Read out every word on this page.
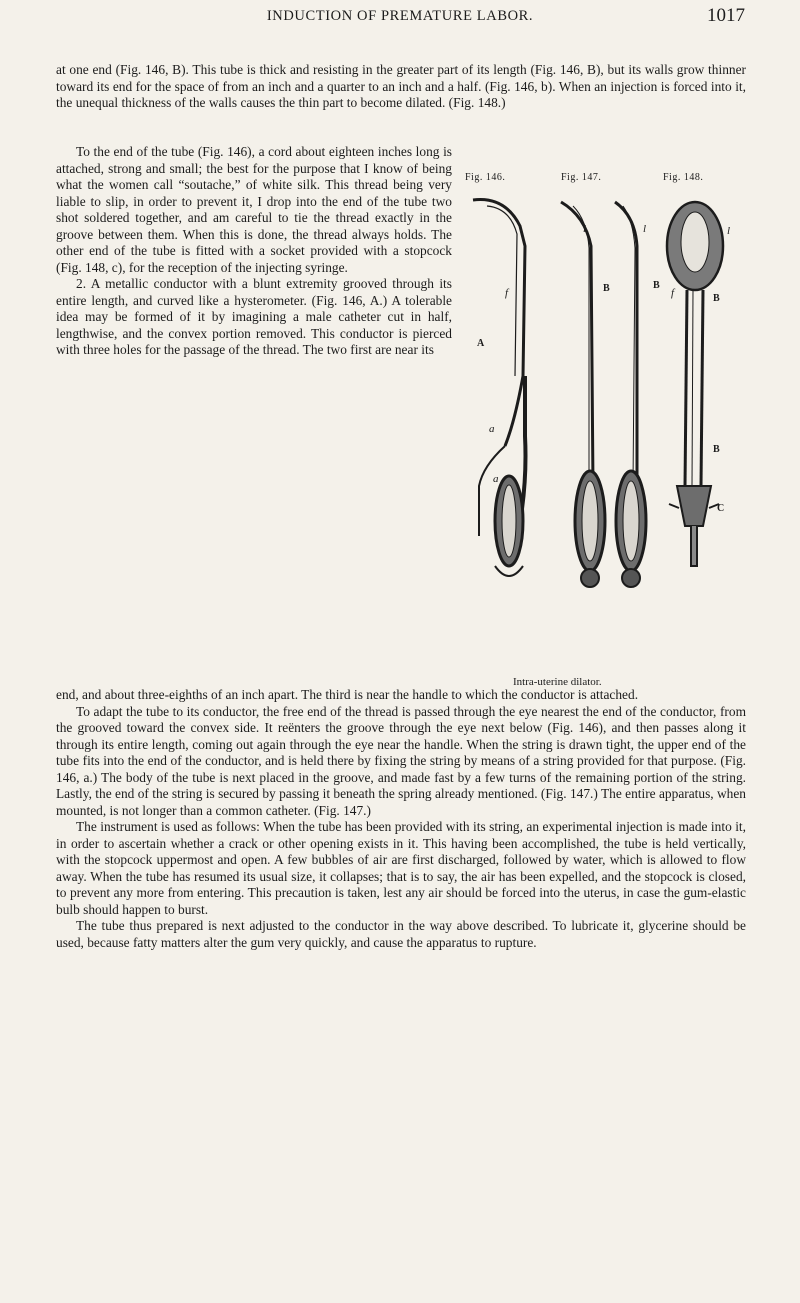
INDUCTION OF PREMATURE LABOR.	1017

at one end (Fig. 146, B). This tube is thick and resisting in the greater part of its length (Fig. 146, B), but its walls grow thinner toward its end for the space of from an inch and a quarter to an inch and a half. (Fig. 146, b). When an injection is forced into it, the unequal thickness of the walls causes the thin part to become dilated. (Fig. 148.)

To the end of the tube (Fig. 146), a cord about eighteen inches long is attached, strong and small; the best for the purpose that I know of being what the women call “soutache,” of white silk. This thread being very liable to slip, in order to prevent it, I drop into the end of the tube two shot soldered together, and am careful to tie the thread exactly in the groove between them. When this is done, the thread always holds. The other end of the tube is fitted with a socket provided with a stopcock (Fig. 148, c), for the reception of the injecting syringe.

2. A metallic conductor with a blunt extremity grooved through its entire length, and curved like a hysterometer. (Fig. 146, A.) A tolerable idea may be formed of it by imagining a male catheter cut in half, lengthwise, and the convex portion removed. This conductor is pierced with three holes for the passage of the thread. The two first are near its

Fig. 146.	Fig. 147.	Fig. 148.
l	l	l
B	B
B
B
A
f	f
a
a
C
Intra-uterine dilator.

end, and about three-eighths of an inch apart. The third is near the handle to which the conductor is attached.

To adapt the tube to its conductor, the free end of the thread is passed through the eye nearest the end of the conductor, from the grooved toward the convex side. It reënters the groove through the eye next below (Fig. 146), and then passes along it through its entire length, coming out again through the eye near the handle. When the string is drawn tight, the upper end of the tube fits into the end of the conductor, and is held there by fixing the string by means of a string provided for that purpose. (Fig. 146, a.) The body of the tube is next placed in the groove, and made fast by a few turns of the remaining portion of the string. Lastly, the end of the string is secured by passing it beneath the spring already mentioned. (Fig. 147.) The entire apparatus, when mounted, is not longer than a common catheter. (Fig. 147.)

The instrument is used as follows: When the tube has been provided with its string, an experimental injection is made into it, in order to ascertain whether a crack or other opening exists in it. This having been accomplished, the tube is held vertically, with the stopcock uppermost and open. A few bubbles of air are first discharged, followed by water, which is allowed to flow away. When the tube has resumed its usual size, it collapses; that is to say, the air has been expelled, and the stopcock is closed, to prevent any more from entering. This precaution is taken, lest any air should be forced into the uterus, in case the gum-elastic bulb should happen to burst.

The tube thus prepared is next adjusted to the conductor in the way above described. To lubricate it, glycerine should be used, because fatty matters alter the gum very quickly, and cause the apparatus to rupture.
